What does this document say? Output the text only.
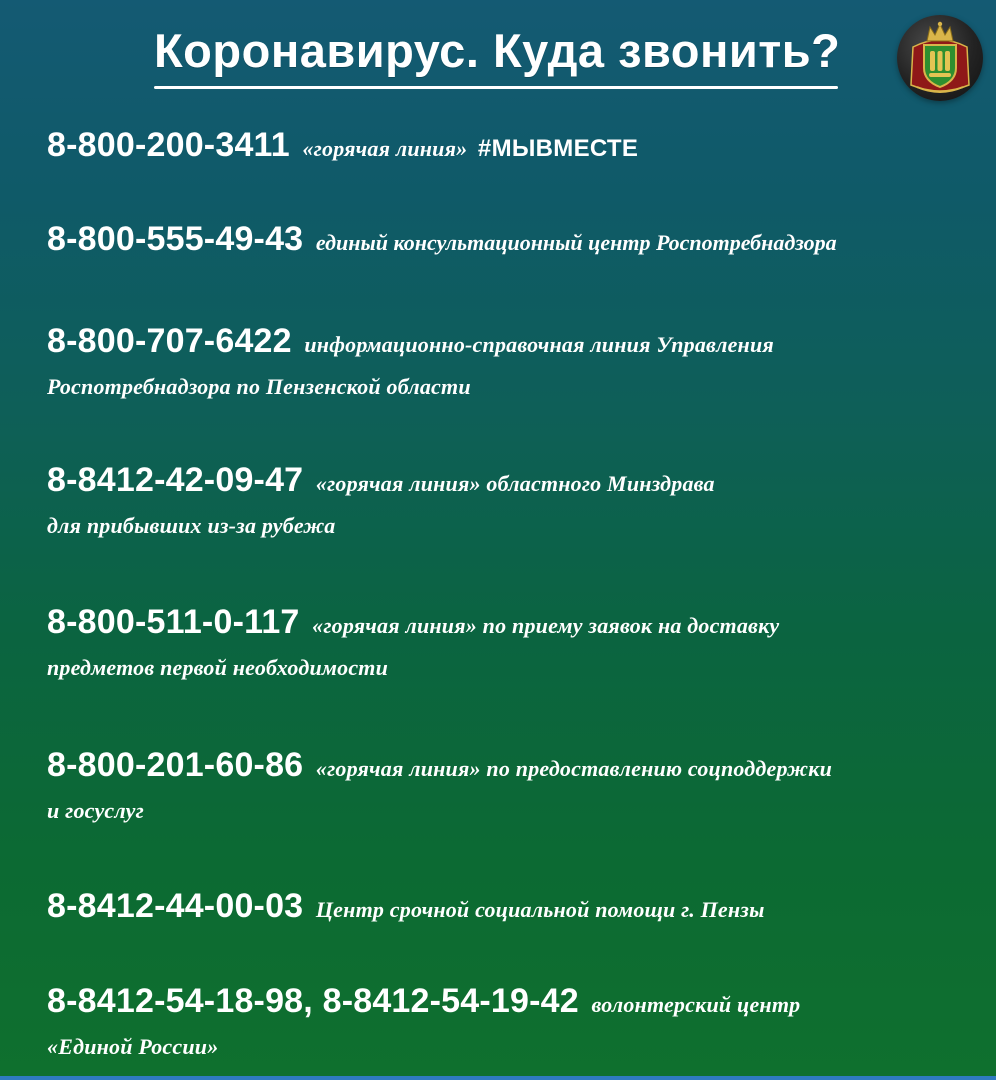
Коронавирус. Куда звонить?
8-800-200-3411 «горячая линия» #МЫВМЕСТЕ
8-800-555-49-43 единый консультационный центр Роспотребнадзора
8-800-707-6422 информационно-справочная линия Управления
Роспотребнадзора по Пензенской области
8-8412-42-09-47 «горячая линия» областного Минздрава
для прибывших из-за рубежа
8-800-511-0-117 «горячая линия» по приему заявок на доставку
предметов первой необходимости
8-800-201-60-86 «горячая линия» по предоставлению соцподдержки
и госуслуг
8-8412-44-00-03 Центр срочной социальной помощи г. Пензы
8-8412-54-18-98, 8-8412-54-19-42 волонтерский центр
«Единой России»
